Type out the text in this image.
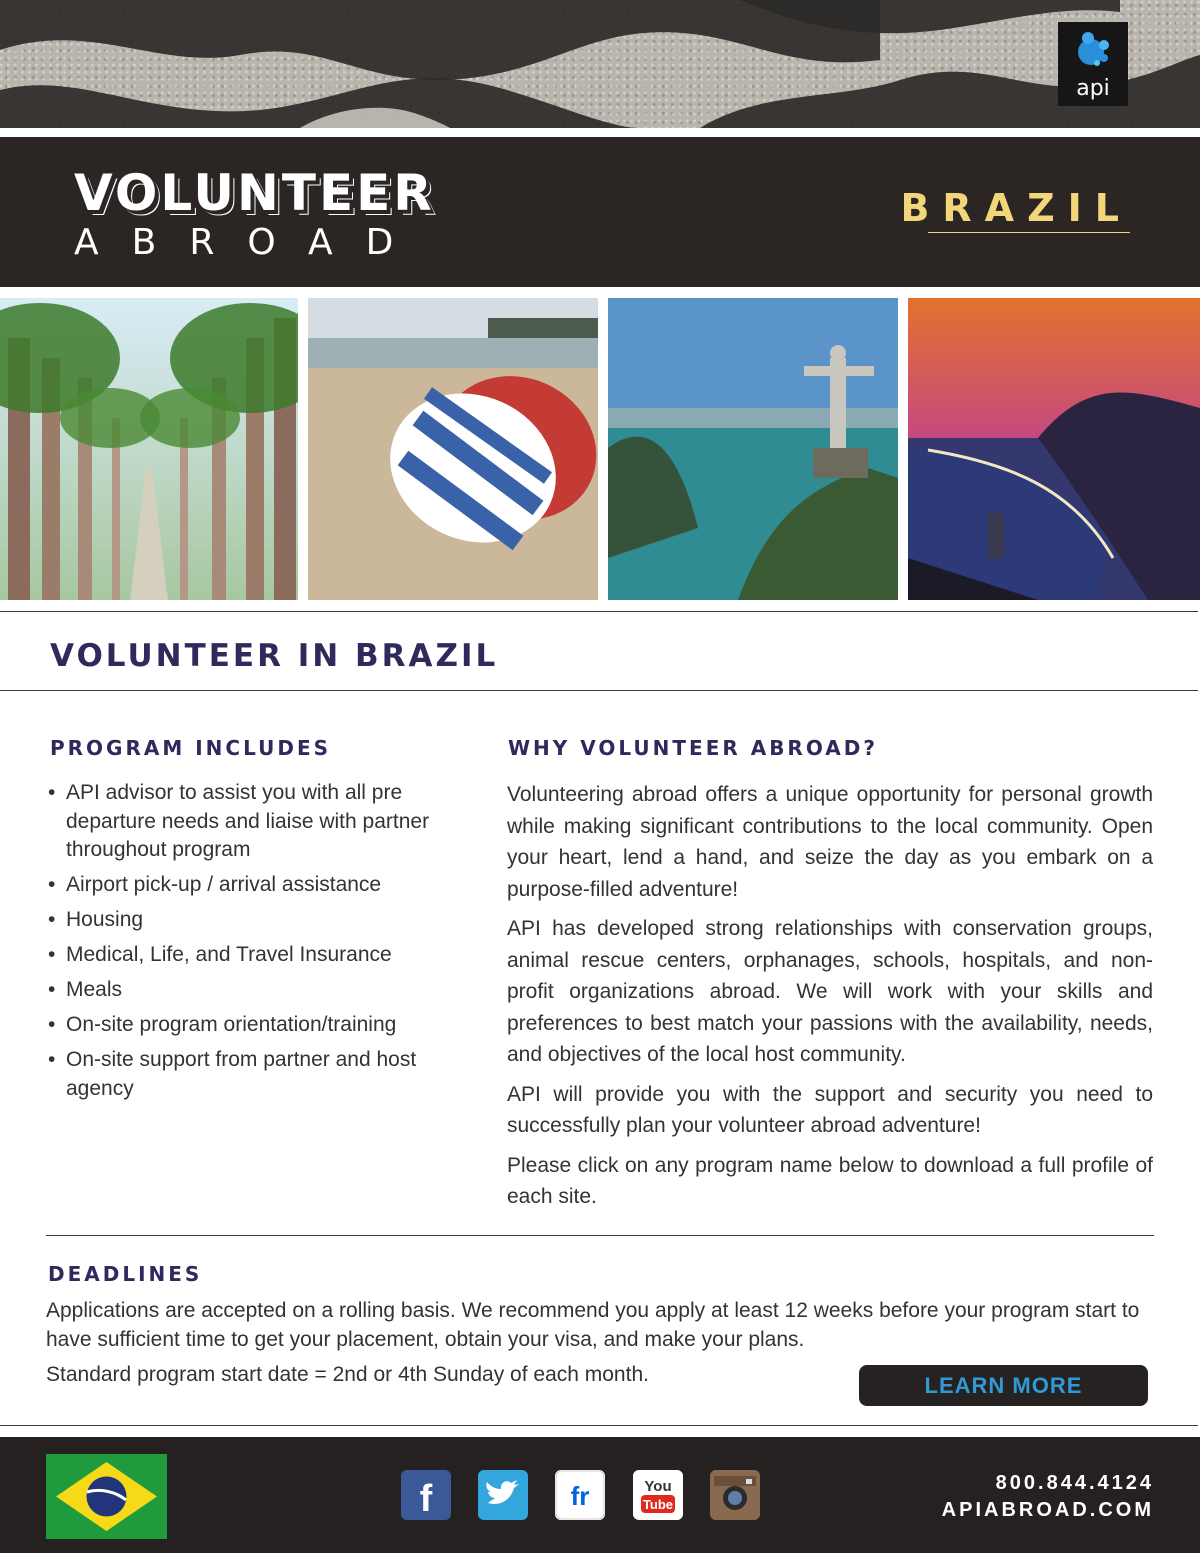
api
VOLUNTEER
ABROAD
BRAZIL
VOLUNTEER IN BRAZIL
PROGRAM INCLUDES
• API advisor to assist you with all pre departure needs and liaise with partner throughout program
• Airport pick-up / arrival assistance
• Housing
• Medical, Life, and Travel Insurance
• Meals
• On-site program orientation/training
• On-site support from partner and host agency
WHY VOLUNTEER ABROAD?

Volunteering abroad offers a unique opportunity for personal growth while making significant contributions to the local community. Open your heart, lend a hand, and seize the day as you embark on a purpose-filled adventure!

API has developed strong relationships with conservation groups, animal rescue centers, orphanages, schools, hospitals, and non-profit organizations abroad. We will work with your skills and preferences to best match your passions with the availability, needs, and objectives of the local host community.

API will provide you with the support and security you need to successfully plan your volunteer abroad adventure!

Please click on any program name below to download a full profile of each site.

DEADLINES
Applications are accepted on a rolling basis. We recommend you apply at least 12 weeks before your program start to have sufficient time to get your placement, obtain your visa, and make your plans.
Standard program start date = 2nd or 4th Sunday of each month.	LEARN MORE
f	fr	You
Tube
800.844.4124
APIABROAD.COM
